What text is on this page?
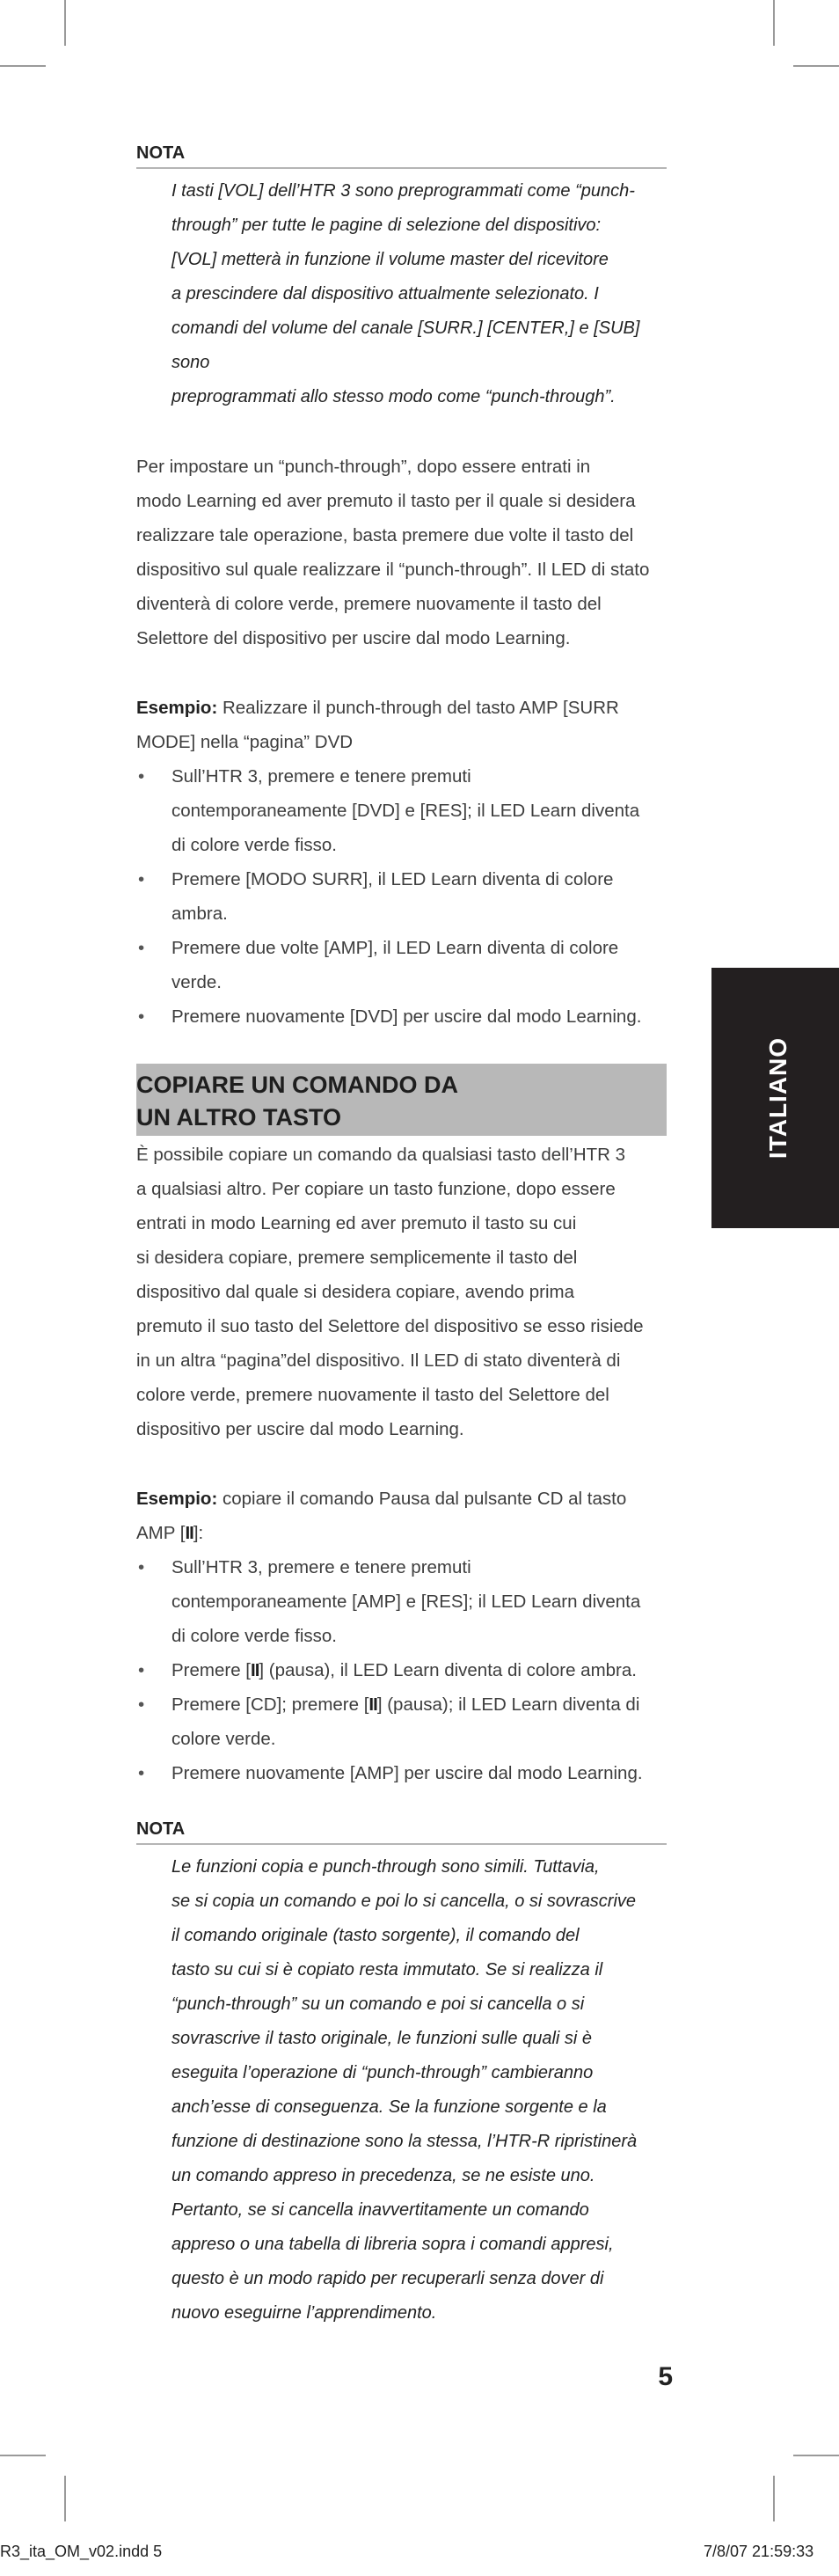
NOTA
I tasti [VOL] dell’HTR 3 sono preprogrammati come “punch-
through” per tutte le pagine di selezione del dispositivo:
[VOL] metterà in funzione il volume master del ricevitore
a prescindere dal dispositivo attualmente selezionato. I
comandi del volume del canale [SURR.] [CENTER,] e [SUB] sono
preprogrammati allo stesso modo come “punch-through”.
Per impostare un “punch-through”, dopo essere entrati in
modo Learning ed aver premuto il tasto per il quale si desidera
realizzare tale operazione, basta premere due volte il tasto del
dispositivo sul quale realizzare il “punch-through”. Il LED di stato
diventerà di colore verde, premere nuovamente il tasto del
Selettore del dispositivo per uscire dal modo Learning.
Esempio: Realizzare il punch-through del tasto AMP [SURR
MODE] nella “pagina” DVD
• Sull’HTR 3, premere e tenere premuti
contemporaneamente [DVD] e [RES]; il LED Learn diventa
di colore verde fisso.
• Premere [MODO SURR], il LED Learn diventa di colore ambra.
• Premere due volte [AMP], il LED Learn diventa di colore verde.
• Premere nuovamente [DVD] per uscire dal modo Learning.
COPIARE UN COMANDO DA
UN ALTRO TASTO
È possibile copiare un comando da qualsiasi tasto dell’HTR 3
a qualsiasi altro. Per copiare un tasto funzione, dopo essere
entrati in modo Learning ed aver premuto il tasto su cui
si desidera copiare, premere semplicemente il tasto del
dispositivo dal quale si desidera copiare, avendo prima
premuto il suo tasto del Selettore del dispositivo se esso risiede
in un altra “pagina”del dispositivo. Il LED di stato diventerà di
colore verde, premere nuovamente il tasto del Selettore del
dispositivo per uscire dal modo Learning.
Esempio: copiare il comando Pausa dal pulsante CD al tasto
AMP [II]:
• Sull’HTR 3, premere e tenere premuti
contemporaneamente [AMP] e [RES]; il LED Learn diventa
di colore verde fisso.
• Premere [II] (pausa), il LED Learn diventa di colore ambra.
• Premere [CD]; premere [II] (pausa); il LED Learn diventa di
colore verde.
• Premere nuovamente [AMP] per uscire dal modo Learning.
NOTA
Le funzioni copia e punch-through sono simili. Tuttavia,
se si copia un comando e poi lo si cancella, o si sovrascrive
il comando originale (tasto sorgente), il comando del
tasto su cui si è copiato resta immutato. Se si realizza il
“punch-through” su un comando e poi si cancella o si
sovrascrive il tasto originale, le funzioni sulle quali si è
eseguita l’operazione di “punch-through” cambieranno
anch’esse di conseguenza. Se la funzione sorgente e la
funzione di destinazione sono la stessa, l’HTR-R ripristinerà
un comando appreso in precedenza, se ne esiste uno.
Pertanto, se si cancella inavvertitamente un comando
appreso o una tabella di libreria sopra i comandi appresi,
questo è un modo rapido per recuperarli senza dover di
nuovo eseguirne l’apprendimento.
ITALIANO
5
R3_ita_OM_v02.indd 5	7/8/07 21:59:33
